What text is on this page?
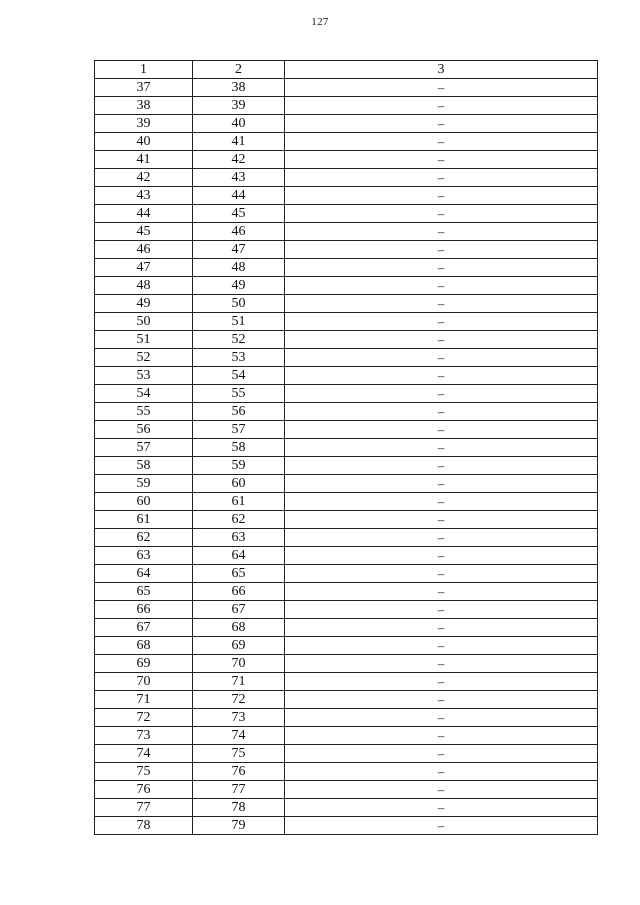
127
1	2	3
37	38	–
38	39	–
39	40	–
40	41	–
41	42	–
42	43	–
43	44	–
44	45	–
45	46	–
46	47	–
47	48	–
48	49	–
49	50	–
50	51	–
51	52	–
52	53	–
53	54	–
54	55	–
55	56	–
56	57	–
57	58	–
58	59	–
59	60	–
60	61	–
61	62	–
62	63	–
63	64	–
64	65	–
65	66	–
66	67	–
67	68	–
68	69	–
69	70	–
70	71	–
71	72	–
72	73	–
73	74	–
74	75	–
75	76	–
76	77	–
77	78	–
78	79	–
